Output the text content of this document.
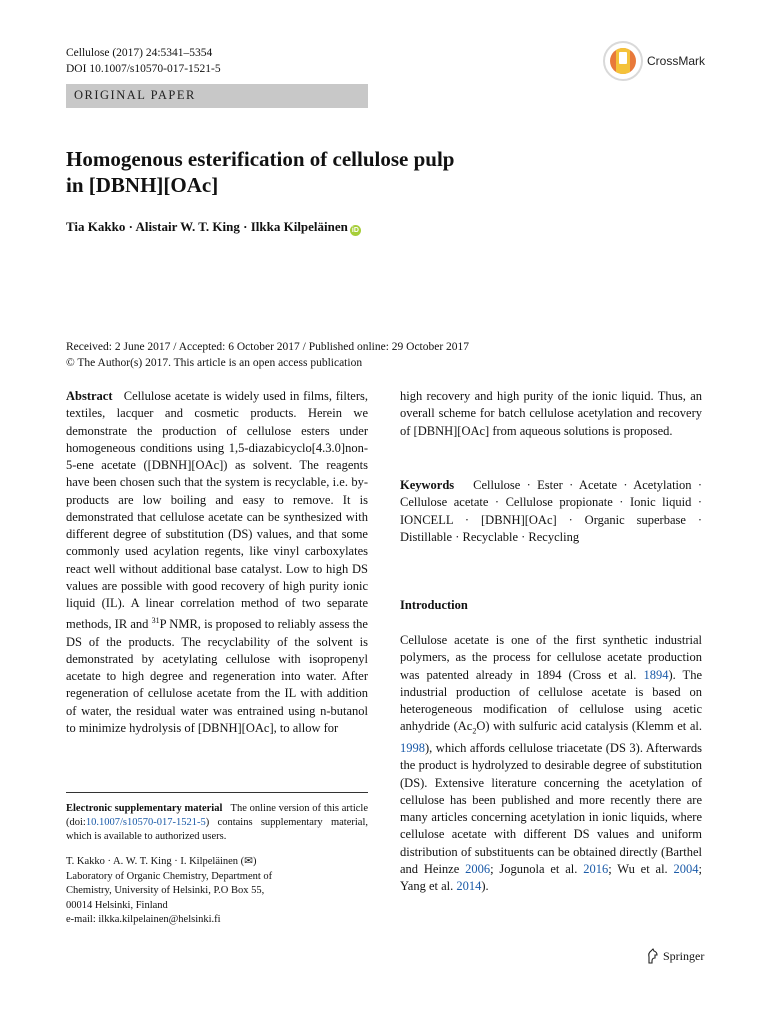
Cellulose (2017) 24:5341–5354
DOI 10.1007/s10570-017-1521-5
CrossMark
ORIGINAL PAPER
Homogenous esterification of cellulose pulp
in [DBNH][OAc]
Tia Kakko · Alistair W. T. King · Ilkka Kilpeläinen iD
Received: 2 June 2017 / Accepted: 6 October 2017 / Published online: 29 October 2017
© The Author(s) 2017. This article is an open access publication

Abstract Cellulose acetate is widely used in films, filters, textiles, lacquer and cosmetic products. Herein we demonstrate the production of cellulose esters under homogeneous conditions using 1,5-diazabicyclo[4.3.0]non-5-ene acetate ([DBNH][OAc]) as solvent. The reagents have been chosen such that the system is recyclable, i.e. by-products are low boiling and easy to remove. It is demonstrated that cellulose acetate can be synthesized with different degree of substitution (DS) values, and that some commonly used acylation regents, like vinyl carboxylates react well without additional base catalyst. Low to high DS values are possible with good recovery of high purity ionic liquid (IL). A linear correlation method of two separate methods, IR and $^{31}$P NMR, is proposed to reliably assess the DS of the products. The recyclability of the solvent is demonstrated by acetylating cellulose with isopropenyl acetate to high degree and regeneration into water. After regeneration of cellulose acetate from the IL with addition of water, the residual water was entrained using n-butanol to minimize hydrolysis of [DBNH][OAc], to allow for

Electronic supplementary material The online version of this article (doi:10.1007/s10570-017-1521-5) contains supplementary material, which is available to authorized users.
T. Kakko · A. W. T. King · I. Kilpeläinen (✉)
Laboratory of Organic Chemistry, Department of
Chemistry, University of Helsinki, P.O Box 55,
00014 Helsinki, Finland
e-mail: ilkka.kilpelainen@helsinki.fi

high recovery and high purity of the ionic liquid. Thus, an overall scheme for batch cellulose acetylation and recovery of [DBNH][OAc] from aqueous solutions is proposed.

Keywords Cellulose · Ester · Acetate · Acetylation · Cellulose acetate · Cellulose propionate · Ionic liquid · IONCELL · [DBNH][OAc] · Organic superbase · Distillable · Recyclable · Recycling

Introduction

Cellulose acetate is one of the first synthetic industrial polymers, as the process for cellulose acetate production was patented already in 1894 (Cross et al. 1894). The industrial production of cellulose acetate is based on heterogeneous modification of cellulose using acetic anhydride $(Ac_2O)$ with sulfuric acid catalysis (Klemm et al. 1998), which affords cellulose triacetate (DS 3). Afterwards the product is hydrolyzed to desirable degree of substitution (DS). Extensive literature concerning the acetylation of cellulose has been published and more recently there are many articles concerning acetylation in ionic liquids, where cellulose acetate with different DS values and uniform distribution of substituents can be obtained directly (Barthel and Heinze 2006; Jogunola et al. 2016; Wu et al. 2004; Yang et al. 2014).

Springer
